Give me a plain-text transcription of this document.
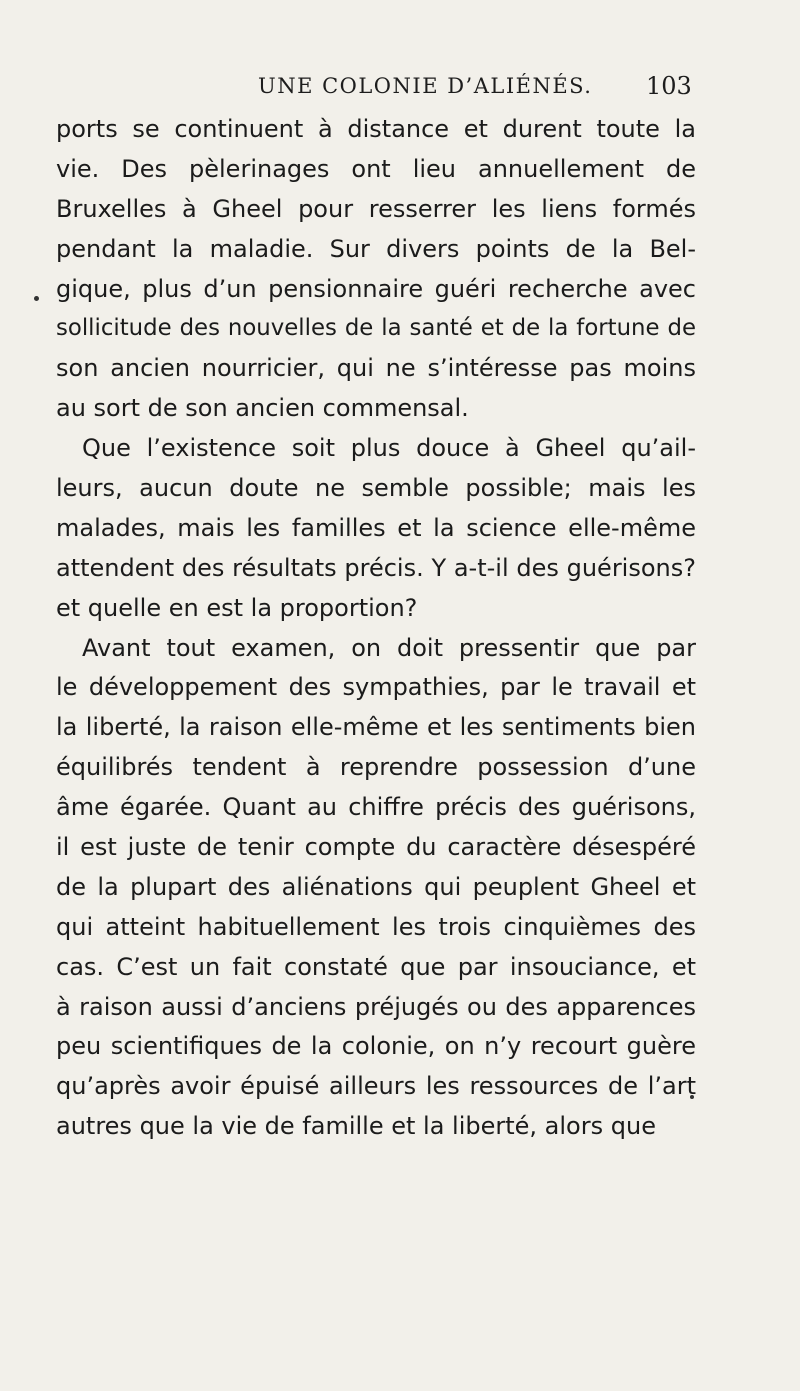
UNE COLONIE D’ALIÉNÉS. 103
ports se continuent à distance et durent toute la
vie. Des pèlerinages ont lieu annuellement de
Bruxelles à Gheel pour resserrer les liens formés
pendant la maladie. Sur divers points de la Bel-
gique, plus d’un pensionnaire guéri recherche avec
sollicitude des nouvelles de la santé et de la fortune de
son ancien nourricier, qui ne s’intéresse pas moins
au sort de son ancien commensal.
Que l’existence soit plus douce à Gheel qu’ail-
leurs, aucun doute ne semble possible; mais les
malades, mais les familles et la science elle-même
attendent des résultats précis. Y a-t-il des guérisons?
et quelle en est la proportion?
Avant tout examen, on doit pressentir que par
le développement des sympathies, par le travail et
la liberté, la raison elle-même et les sentiments bien
équilibrés tendent à reprendre possession d’une
âme égarée. Quant au chiffre précis des guérisons,
il est juste de tenir compte du caractère désespéré
de la plupart des aliénations qui peuplent Gheel et
qui atteint habituellement les trois cinquièmes des
cas. C’est un fait constaté que par insouciance, et
à raison aussi d’anciens préjugés ou des apparences
peu scientifiques de la colonie, on n’y recourt guère
qu’après avoir épuisé ailleurs les ressources de l’art
autres que la vie de famille et la liberté, alors que
